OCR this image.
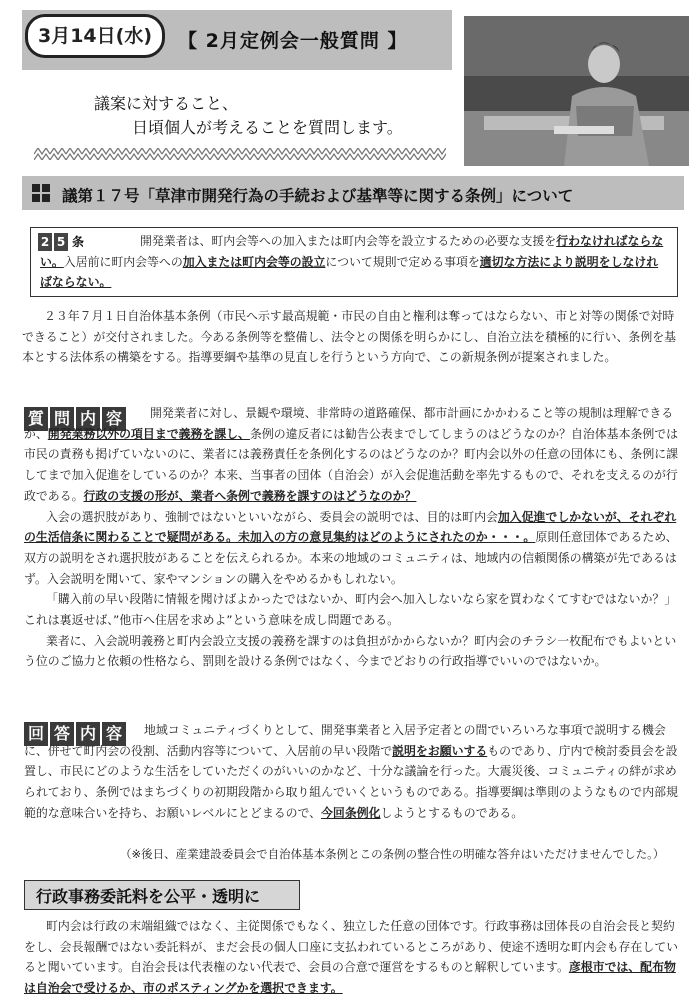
3月14日(水)	【 2月定例会一般質問 】
議案に対すること、
日頃個人が考えることを質問します。
議第１７号「草津市開発行為の手続および基準等に関する条例」について
2 5 条	開発業者は、町内会等への加入または町内会等を設立するための必要な支援を行わなければならない。入居前に町内会等への加入または町内会等の設立について規則で定める事項を適切な方法により説明をしなければならない。
２３年７月１日自治体基本条例（市民へ示す最高規範・市民の自由と権利は奪ってはならない、市と対等の関係で対時できること）が交付されました。今ある条例等を整備し、法令との関係を明らかにし、自治立法を積極的に行い、条例を基本とする法体系の構築をする。指導要綱や基準の見直しを行うという方向で、この新規条例が提案されました。
質 問 内 容	開発業者に対し、景観や環境、非常時の道路確保、都市計画にかかわること等の規制は理解できるが、開発業務以外の項目まで義務を課し、条例の違反者には勧告公表までしてしまうのはどうなのか？自治体基本条例では市民の責務も掲げていないのに、業者には義務責任を条例化するのはどうなのか？町内会以外の任意の団体にも、条例に課してまで加入促進をしているのか？本来、当事者の団体（自治会）が入会促進活動を率先するもので、それを支えるのが行政である。行政の支援の形が、業者へ条例で義務を課すのはどうなのか？
入会の選択肢があり、強制ではないといいながら、委員会の説明では、目的は町内会加入促進でしかないが、それぞれの生活信条に関わることで疑問がある。未加入の方の意見集約はどのようにされたのか・・・。原則任意団体であるため、双方の説明をされ選択肢があることを伝えられるか。本来の地域のコミュニティは、地域内の信頼関係の構築が先であるはず。入会説明を聞いて、家やマンションの購入をやめるかもしれない。
「購入前の早い段階に情報を聞けばよかったではないか、町内会へ加入しないなら家を買わなくてすむではないか？」これは裏返せば、”他市へ住居を求めよ”という意味を成し問題である。
業者に、入会説明義務と町内会設立支援の義務を課すのは負担がかからないか？町内会のチラシ一枚配布でもよいという位のご協力と依頼の性格なら、罰則を設ける条例ではなく、今までどおりの行政指導でいいのではないか。
回 答 内 容	地域コミュニティづくりとして、開発事業者と入居予定者との間でいろいろな事項で説明する機会に、併せて町内会の役割、活動内容等について、入居前の早い段階で説明をお願いするものであり、庁内で検討委員会を設置し、市民にどのような生活をしていただくのがいいのかなど、十分な議論を行った。大震災後、コミュニティの絆が求められており、条例ではまちづくりの初期段階から取り組んでいくというものである。指導要綱は準則のようなもので内部規範的な意味合いを持ち、お願いレベルにとどまるので、今回条例化しようとするものである。
（※後日、産業建設委員会で自治体基本条例とこの条例の整合性の明確な答弁はいただけませんでした。）
行政事務委託料を公平・透明に
町内会は行政の末端組織ではなく、主従関係でもなく、独立した任意の団体です。行政事務は団体長の自治会長と契約をし、会長報酬ではない委託料が、まだ会長の個人口座に支払われているところがあり、使途不透明な町内会も存在していると聞いています。自治会長は代表権のない代表で、会員の合意で運営をするものと解釈しています。彦根市では、配布物は自治会で受けるか、市のポスティングかを選択できます。
